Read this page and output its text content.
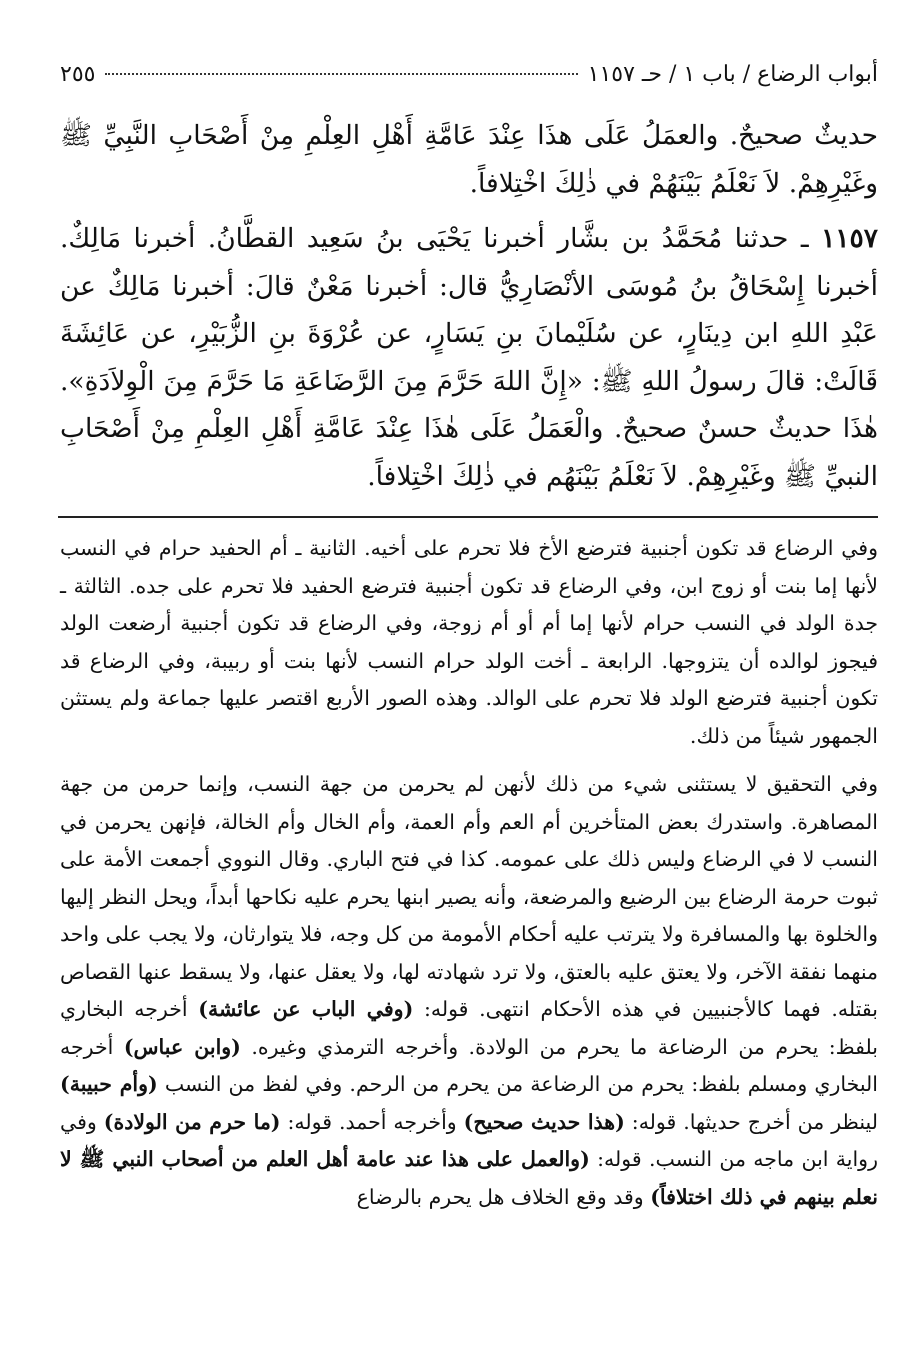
أبواب الرضاع / باب ١ / حـ ١١٥٧
٢٥٥

حديثٌ صحيحٌ. والعمَلُ عَلَى هذَا عِنْدَ عَامَّةِ أَهْلِ العِلْمِ مِنْ أَصْحَابِ النَّبِيِّ ﷺ وغَيْرِهِمْ. لاَ نَعْلَمُ بَيْنَهُمْ في ذٰلِكَ اخْتِلافاً.

١١٥٧ ـ حدثنا مُحَمَّدُ بن بشَّار أخبرنا يَحْيَى بنُ سَعِيد القطَّانُ. أخبرنا مَالِكٌ. أخبرنا إِسْحَاقُ بنُ مُوسَى الأنْصَارِيُّ قال: أخبرنا مَعْنٌ قالَ: أخبرنا مَالِكٌ عن عَبْدِ اللهِ ابن دِينَارٍ، عن سُلَيْمانَ بنِ يَسَارٍ، عن عُرْوَةَ بنِ الزُّبَيْرِ، عن عَائِشَةَ قَالَتْ: قالَ رسولُ اللهِ ﷺ: «إِنَّ اللهَ حَرَّمَ مِنَ الرَّضَاعَةِ مَا حَرَّمَ مِنَ الْوِلاَدَةِ». هٰذَا حديثٌ حسنٌ صحيحٌ. والْعَمَلُ عَلَى هٰذَا عِنْدَ عَامَّةِ أَهْلِ العِلْمِ مِنْ أَصْحَابِ النبيِّ ﷺ وغَيْرِهِمْ. لاَ نَعْلَمُ بَيْنَهُم في ذٰلِكَ اخْتِلافاً.

وفي الرضاع قد تكون أجنبية فترضع الأخ فلا تحرم على أخيه. الثانية ـ أم الحفيد حرام في النسب لأنها إما بنت أو زوج ابن، وفي الرضاع قد تكون أجنبية فترضع الحفيد فلا تحرم على جده. الثالثة ـ جدة الولد في النسب حرام لأنها إما أم أو أم زوجة، وفي الرضاع قد تكون أجنبية أرضعت الولد فيجوز لوالده أن يتزوجها. الرابعة ـ أخت الولد حرام النسب لأنها بنت أو ربيبة، وفي الرضاع قد تكون أجنبية فترضع الولد فلا تحرم على الوالد. وهذه الصور الأربع اقتصر عليها جماعة ولم يستثن الجمهور شيئاً من ذلك.

وفي التحقيق لا يستثنى شيء من ذلك لأنهن لم يحرمن من جهة النسب، وإنما حرمن من جهة المصاهرة. واستدرك بعض المتأخرين أم العم وأم العمة، وأم الخال وأم الخالة، فإنهن يحرمن في النسب لا في الرضاع وليس ذلك على عمومه. كذا في فتح الباري. وقال النووي أجمعت الأمة على ثبوت حرمة الرضاع بين الرضيع والمرضعة، وأنه يصير ابنها يحرم عليه نكاحها أبداً، ويحل النظر إليها والخلوة بها والمسافرة ولا يترتب عليه أحكام الأمومة من كل وجه، فلا يتوارثان، ولا يجب على واحد منهما نفقة الآخر، ولا يعتق عليه بالعتق، ولا ترد شهادته لها، ولا يعقل عنها، ولا يسقط عنها القصاص بقتله. فهما كالأجنبيين في هذه الأحكام انتهى. قوله: (وفي الباب عن عائشة) أخرجه البخاري بلفظ: يحرم من الرضاعة ما يحرم من الولادة. وأخرجه الترمذي وغيره. (وابن عباس) أخرجه البخاري ومسلم بلفظ: يحرم من الرضاعة من يحرم من الرحم. وفي لفظ من النسب (وأم حبيبة) لينظر من أخرج حديثها. قوله: (هذا حديث صحيح) وأخرجه أحمد. قوله: (ما حرم من الولادة) وفي رواية ابن ماجه من النسب. قوله: (والعمل على هذا عند عامة أهل العلم من أصحاب النبي ﷺ لا نعلم بينهم في ذلك اختلافاً) وقد وقع الخلاف هل يحرم بالرضاع
